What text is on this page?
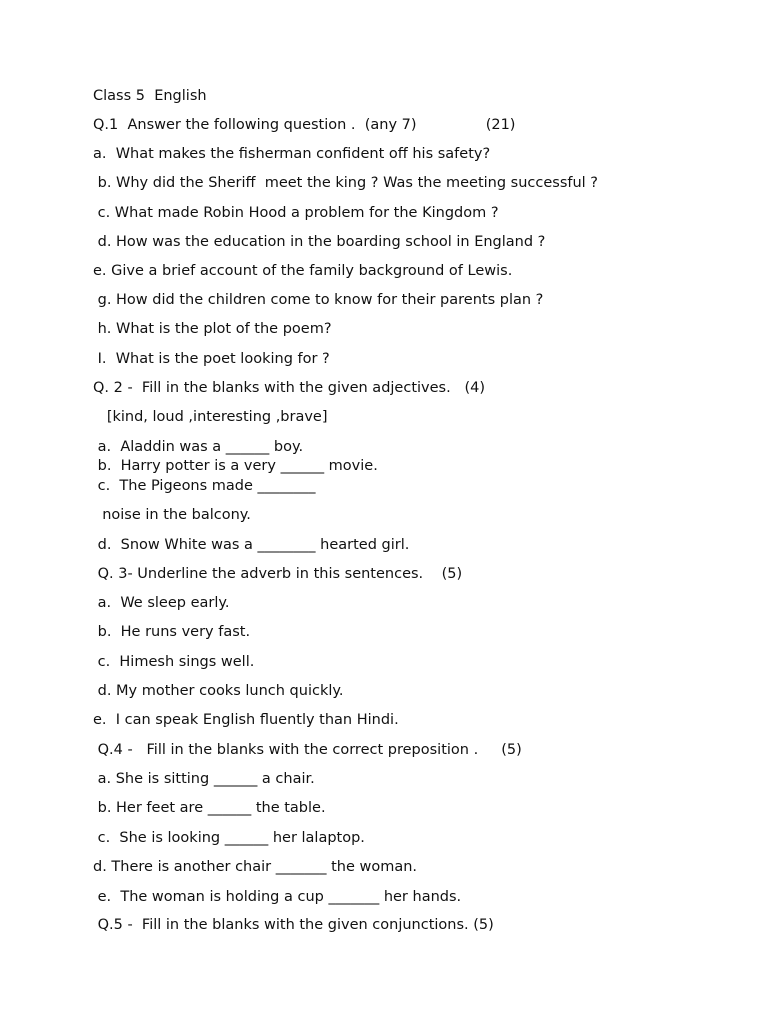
Class 5  English
Q.1  Answer the following question .  (any 7)               (21)
a.  What makes the fisherman confident off his safety?
b. Why did the Sheriff  meet the king ? Was the meeting successful ?
c. What made Robin Hood a problem for the Kingdom ?
d. How was the education in the boarding school in England ?
e. Give a brief account of the family background of Lewis.
g. How did the children come to know for their parents plan ?
h. What is the plot of the poem?
I.  What is the poet looking for ?
Q. 2 -  Fill in the blanks with the given adjectives.   (4)
[kind, loud ,interesting ,brave]
a.  Aladdin was a ______ boy.
b.  Harry potter is a very ______ movie.
c.  The Pigeons made ________
noise in the balcony.
d.  Snow White was a ________ hearted girl.
Q. 3- Underline the adverb in this sentences.    (5)
a.  We sleep early.
b.  He runs very fast.
c.  Himesh sings well.
d. My mother cooks lunch quickly.
e.  I can speak English fluently than Hindi.
Q.4 -   Fill in the blanks with the correct preposition .     (5)
a. She is sitting ______ a chair.
b. Her feet are ______ the table.
c.  She is looking ______ her lalaptop.
d. There is another chair _______ the woman.
e.  The woman is holding a cup _______ her hands.
Q.5 -  Fill in the blanks with the given conjunctions. (5)
